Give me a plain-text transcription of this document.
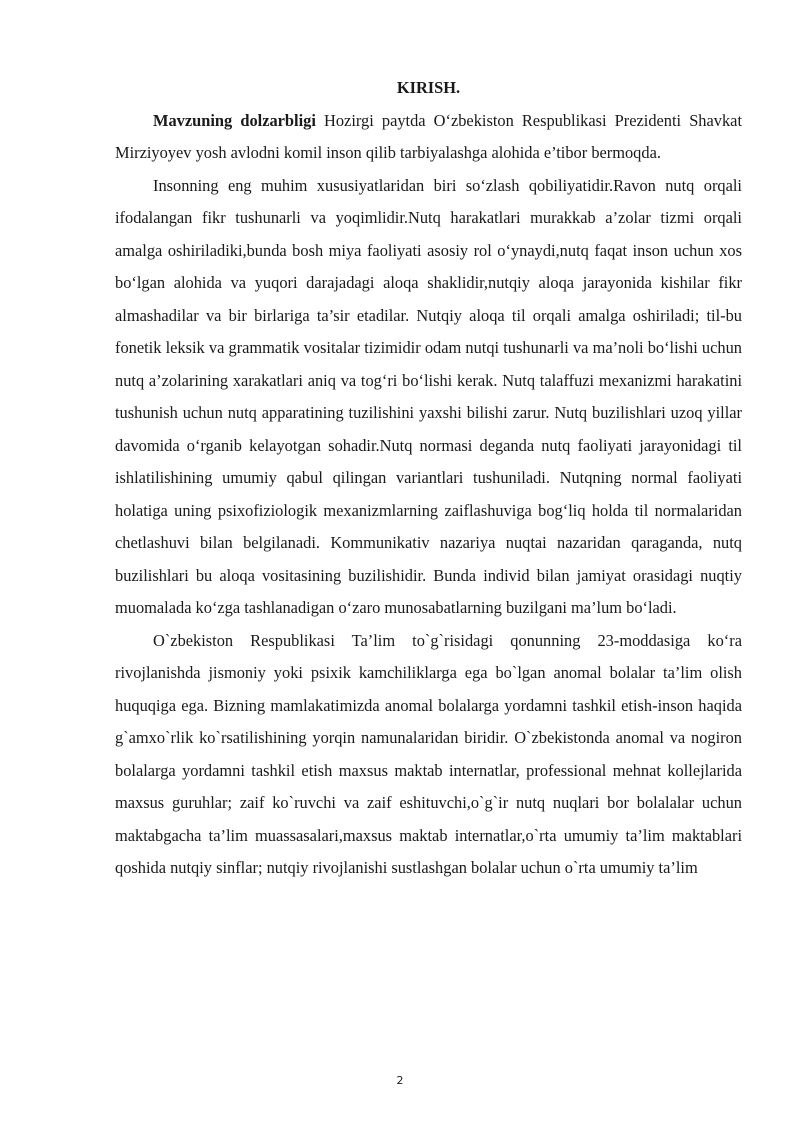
KIRISH.

Mavzuning dolzarbligi Hozirgi paytda O‘zbekiston Respublikasi Prezidenti Shavkat Mirziyoyev yosh avlodni komil inson qilib tarbiyalashga alohida e’tibor bermoqda.

Insonning eng muhim xususiyatlaridan biri so‘zlash qobiliyatidir.Ravon nutq orqali ifodalangan fikr tushunarli va yoqimlidir.Nutq harakatlari murakkab a’zolar tizmi orqali amalga oshiriladiki,bunda bosh miya faoliyati asosiy rol o‘ynaydi,nutq faqat inson uchun xos bo‘lgan alohida va yuqori darajadagi aloqa shaklidir,nutqiy aloqa jarayonida kishilar fikr almashadilar va bir birlariga ta’sir etadilar. Nutqiy aloqa til orqali amalga oshiriladi; til-bu fonetik leksik va grammatik vositalar tizimidir odam nutqi tushunarli va ma’noli bo‘lishi uchun nutq a’zolarining xarakatlari aniq va tog‘ri bo‘lishi kerak. Nutq talaffuzi mexanizmi harakatini tushunish uchun nutq apparatining tuzilishini yaxshi bilishi zarur. Nutq buzilishlari uzoq yillar davomida o‘rganib kelayotgan sohadir.Nutq normasi deganda nutq faoliyati jarayonidagi til ishlatilishining umumiy qabul qilingan variantlari tushuniladi. Nutqning normal faoliyati holatiga uning psixofiziologik mexanizmlarning zaiflashuviga bog‘liq holda til normalaridan chetlashuvi bilan belgilanadi. Kommunikativ nazariya nuqtai nazaridan qaraganda, nutq buzilishlari bu aloqa vositasining buzilishidir. Bunda individ bilan jamiyat orasidagi nuqtiy muomalada ko‘zga tashlanadigan o‘zaro munosabatlarning buzilgani ma’lum bo‘ladi.

O`zbekiston Respublikasi Ta’lim to`g`risidagi qonunning 23-moddasiga ko‘ra rivojlanishda jismoniy yoki psixik kamchiliklarga ega bo`lgan anomal bolalar ta’lim olish huquqiga ega. Bizning mamlakatimizda anomal bolalarga yordamni tashkil etish-inson haqida g`amxo`rlik ko`rsatilishining yorqin namunalaridan biridir. O`zbekistonda anomal va nogiron bolalarga yordamni tashkil etish maxsus maktab internatlar, professional mehnat kollejlarida maxsus guruhlar; zaif ko`ruvchi va zaif eshituvchi,o`g`ir nutq nuqlari bor bolalalar uchun maktabgacha ta’lim muassasalari,maxsus maktab internatlar,o`rta umumiy ta’lim maktablari qoshida nutqiy sinflar; nutqiy rivojlanishi sustlashgan bolalar uchun o`rta umumiy ta’lim

2
